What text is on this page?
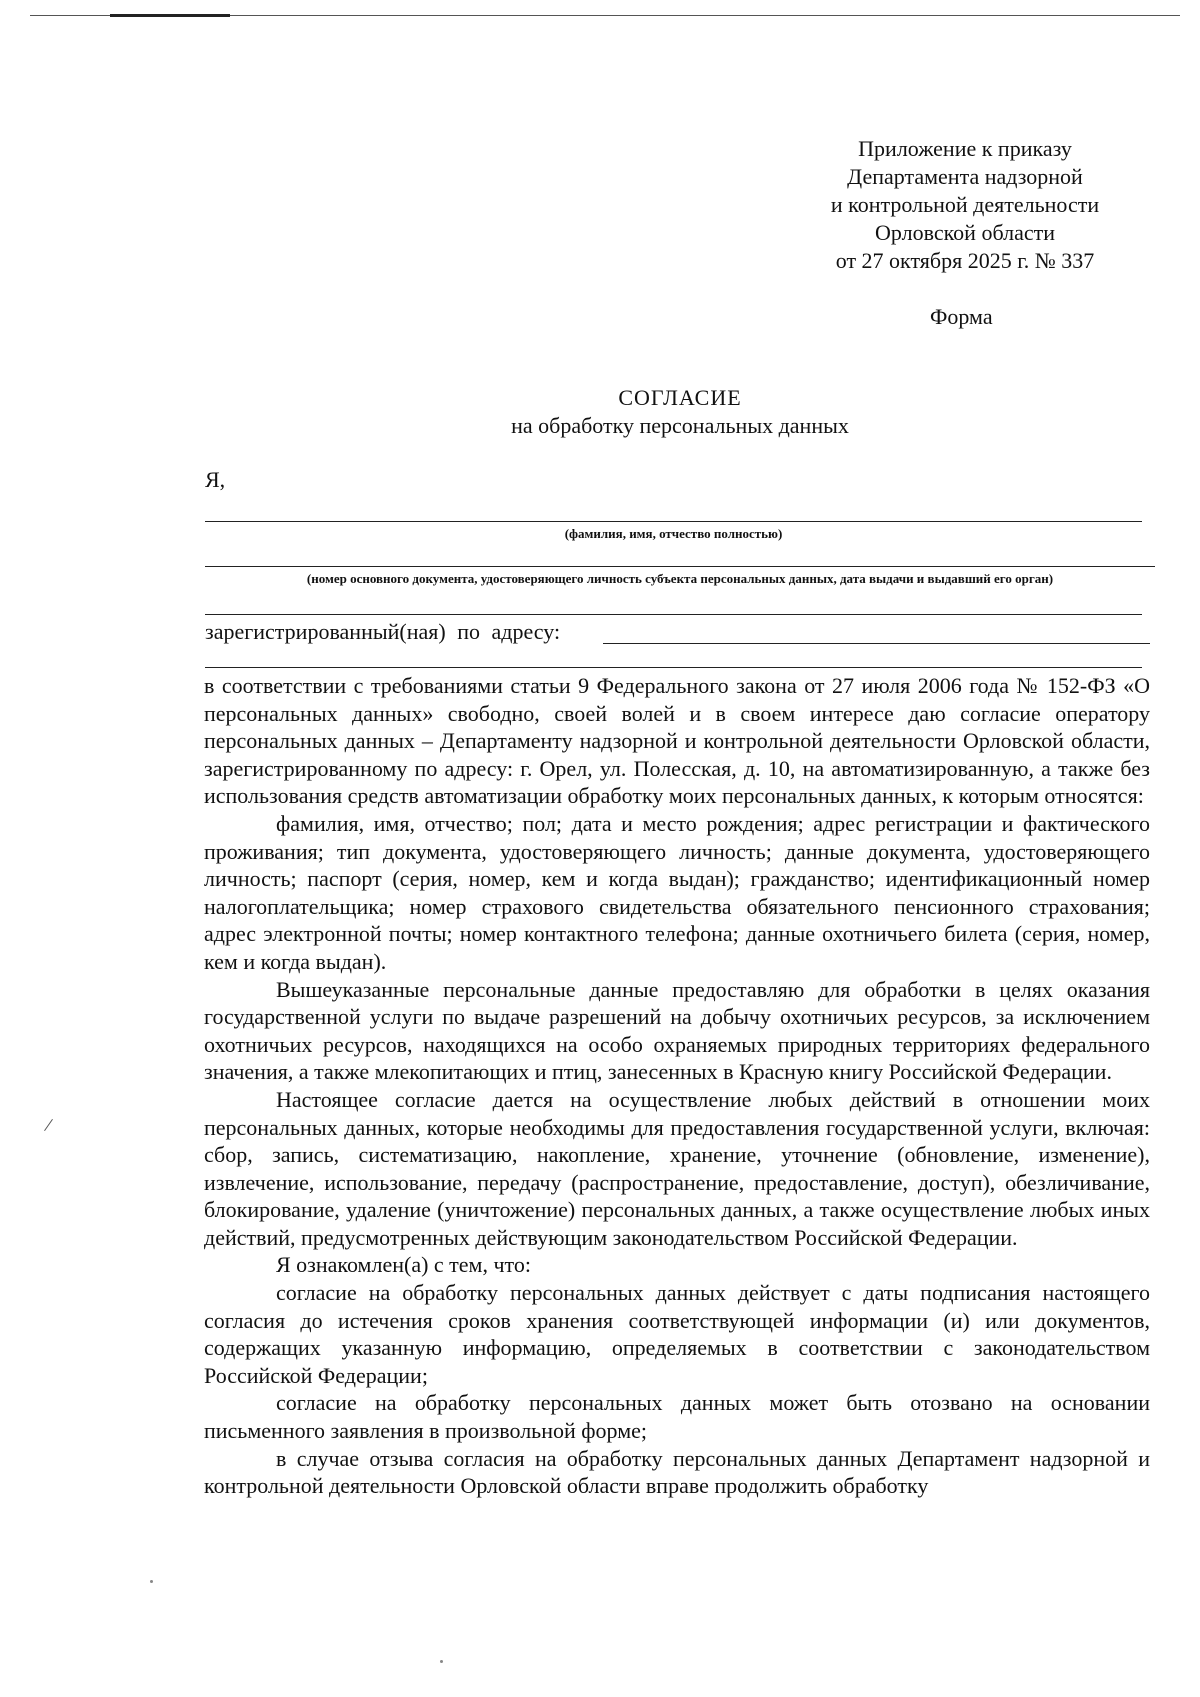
Приложение к приказу
Департамента надзорной
и контрольной деятельности
Орловской области
от 27 октября 2025 г. № 337
Форма
СОГЛАСИЕ
на обработку персональных данных
Я,
(фамилия, имя, отчество полностью)
(номер основного документа, удостоверяющего личность субъекта персональных данных, дата выдачи и выдавший его орган)
зарегистрированный(ная) по адресу:

в соответствии с требованиями статьи 9 Федерального закона от 27 июля 2006 года № 152-ФЗ «О персональных данных» свободно, своей волей и в своем интересе даю согласие оператору персональных данных – Департаменту надзорной и контрольной деятельности Орловской области, зарегистрированному по адресу: г. Орел, ул. Полесская, д. 10, на автоматизированную, а также без использования средств автоматизации обработку моих персональных данных, к которым относятся:

фамилия, имя, отчество; пол; дата и место рождения; адрес регистрации и фактического проживания; тип документа, удостоверяющего личность; данные документа, удостоверяющего личность; паспорт (серия, номер, кем и когда выдан); гражданство; идентификационный номер налогоплательщика; номер страхового свидетельства обязательного пенсионного страхования; адрес электронной почты; номер контактного телефона; данные охотничьего билета (серия, номер, кем и когда выдан).

Вышеуказанные персональные данные предоставляю для обработки в целях оказания государственной услуги по выдаче разрешений на добычу охотничьих ресурсов, за исключением охотничьих ресурсов, находящихся на особо охраняемых природных территориях федерального значения, а также млекопитающих и птиц, занесенных в Красную книгу Российской Федерации.

Настоящее согласие дается на осуществление любых действий в отношении моих персональных данных, которые необходимы для предоставления государственной услуги, включая: сбор, запись, систематизацию, накопление, хранение, уточнение (обновление, изменение), извлечение, использование, передачу (распространение, предоставление, доступ), обезличивание, блокирование, удаление (уничтожение) персональных данных, а также осуществление любых иных действий, предусмотренных действующим законодательством Российской Федерации.

Я ознакомлен(а) с тем, что:

согласие на обработку персональных данных действует с даты подписания настоящего согласия до истечения сроков хранения соответствующей информации (и) или документов, содержащих указанную информацию, определяемых в соответствии с законодательством Российской Федерации;

согласие на обработку персональных данных может быть отозвано на основании письменного заявления в произвольной форме;

в случае отзыва согласия на обработку персональных данных Департамент надзорной и контрольной деятельности Орловской области вправе продолжить обработку
